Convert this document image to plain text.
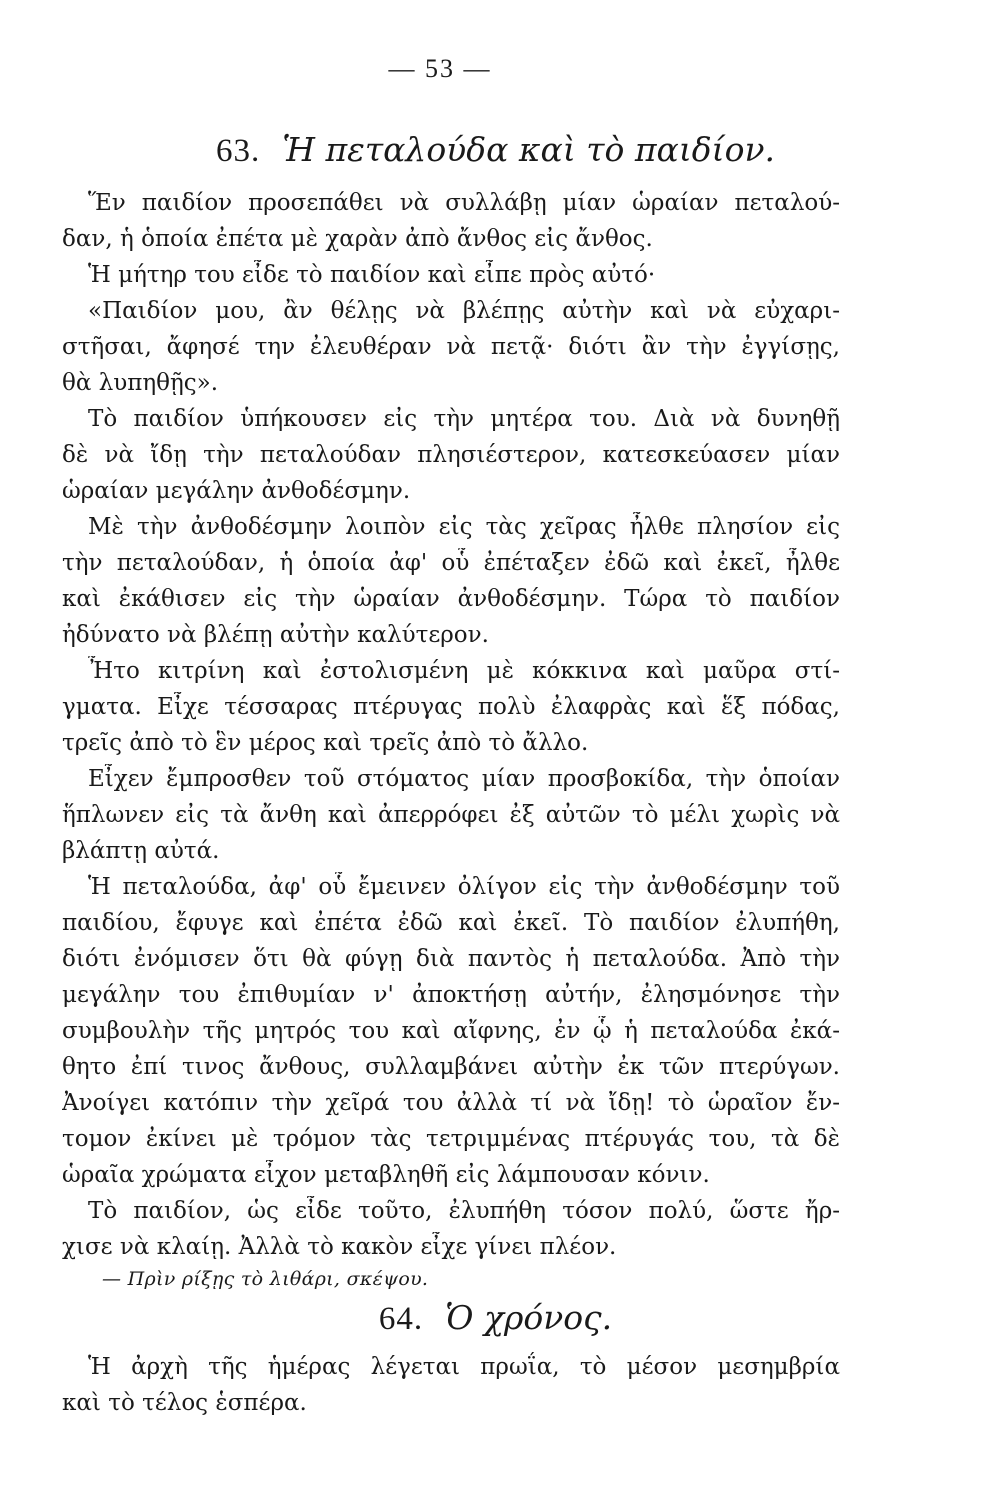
— 53 —
63. Ἡ πεταλούδα καὶ τὸ παιδίον.
Ἕν παιδίον προσεπάθει νὰ συλλάβῃ μίαν ὡραίαν πεταλού-
δαν, ἡ ὁποία ἐπέτα μὲ χαρὰν ἀπὸ ἄνθος εἰς ἄνθος.
Ἡ μήτηρ του εἶδε τὸ παιδίον καὶ εἶπε πρὸς αὐτό·
«Παιδίον μου, ἂν θέλῃς νὰ βλέπῃς αὐτὴν καὶ νὰ εὐχαρι-
στῆσαι, ἄφησέ την ἐλευθέραν νὰ πετᾷ· διότι ἂν τὴν ἐγγίσῃς,
θὰ λυπηθῇς».
Τὸ παιδίον ὑπήκουσεν εἰς τὴν μητέρα του. Διὰ νὰ δυνηθῇ
δὲ νὰ ἴδῃ τὴν πεταλούδαν πλησιέστερον, κατεσκεύασεν μίαν
ὡραίαν μεγάλην ἀνθοδέσμην.
Μὲ τὴν ἀνθοδέσμην λοιπὸν εἰς τὰς χεῖρας ἦλθε πλησίον εἰς
τὴν πεταλούδαν, ἡ ὁποία ἀφ' οὗ ἐπέταξεν ἐδῶ καὶ ἐκεῖ, ἦλθε
καὶ ἐκάθισεν εἰς τὴν ὡραίαν ἀνθοδέσμην. Τώρα τὸ παιδίον
ἠδύνατο νὰ βλέπῃ αὐτὴν καλύτερον.
Ἦτο κιτρίνη καὶ ἐστολισμένη μὲ κόκκινα καὶ μαῦρα στί-
γματα. Εἶχε τέσσαρας πτέρυγας πολὺ ἐλαφρὰς καὶ ἕξ πόδας,
τρεῖς ἀπὸ τὸ ἓν μέρος καὶ τρεῖς ἀπὸ τὸ ἄλλο.
Εἶχεν ἔμπροσθεν τοῦ στόματος μίαν προσβοκίδα, τὴν ὁποίαν
ἥπλωνεν εἰς τὰ ἄνθη καὶ ἀπερρόφει ἐξ αὐτῶν τὸ μέλι χωρὶς νὰ
βλάπτῃ αὐτά.
Ἡ πεταλούδα, ἀφ' οὗ ἔμεινεν ὀλίγον εἰς τὴν ἀνθοδέσμην τοῦ
παιδίου, ἔφυγε καὶ ἐπέτα ἐδῶ καὶ ἐκεῖ. Τὸ παιδίον ἐλυπήθη,
διότι ἐνόμισεν ὅτι θὰ φύγῃ διὰ παντὸς ἡ πεταλούδα. Ἀπὸ τὴν
μεγάλην του ἐπιθυμίαν ν' ἀποκτήσῃ αὐτήν, ἐλησμόνησε τὴν
συμβουλὴν τῆς μητρός του καὶ αἴφνης, ἐν ᾧ ἡ πεταλούδα ἐκά-
θητο ἐπί τινος ἄνθους, συλλαμβάνει αὐτὴν ἐκ τῶν πτερύγων.
Ἀνοίγει κατόπιν τὴν χεῖρά του ἀλλὰ τί νὰ ἴδῃ! τὸ ὡραῖον ἔν-
τομον ἐκίνει μὲ τρόμον τὰς τετριμμένας πτέρυγάς του, τὰ δὲ
ὡραῖα χρώματα εἶχον μεταβληθῆ εἰς λάμπουσαν κόνιν.
Τὸ παιδίον, ὡς εἶδε τοῦτο, ἐλυπήθη τόσον πολύ, ὥστε ἤρ-
χισε νὰ κλαίῃ. Ἀλλὰ τὸ κακὸν εἶχε γίνει πλέον.
— Πρὶν ρίξῃς τὸ λιθάρι, σκέψου.
64. Ὁ χρόνος.
Ἡ ἀρχὴ τῆς ἡμέρας λέγεται πρωΐα, τὸ μέσον μεσημβρία
καὶ τὸ τέλος ἑσπέρα.
